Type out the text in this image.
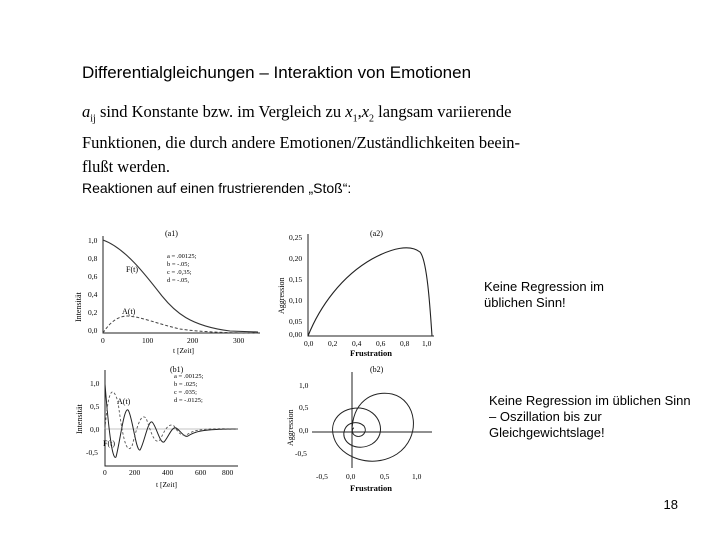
Differentialgleichungen – Interaktion von Emotionen
$a_{ij}$ sind Konstante bzw. im Vergleich zu $x_1,x_2$ langsam variierende
Funktionen, die durch andere Emotionen/Zuständlichkeiten beein-
flußt werden.
Reaktionen auf einen frustrierenden „Stoß“:
(a1)
Intensität
1,0
0,8
0,6
0,4
0,2
0,0
a = .00125;
b = -.05;
c = .0,35;
d = -.05,
F(t)
A(t)
0	100	200	300
t [Zeit]
(a2)
Aggression
0,25
0,20
0,15
0,10
0,05
0,00
0,0 0,2 0,4 0,6 0,8 1,0
Frustration
(b1)
Intensität
1,0
0,5
0,0
-0,5
a = .00125;
b = .025;
c = .035;
d = -.0125;
A(t)
F(t)
0	200	400	600 800
t [Zeit]
(b2)
Aggression
1,0
0,5
0,0
-0,5
-0,5 0,0	0,5	1,0
Frustration
Keine Regression im üblichen Sinn!
Keine Regression im üblichen Sinn – Oszillation bis zur Gleichgewichtslage!
18
